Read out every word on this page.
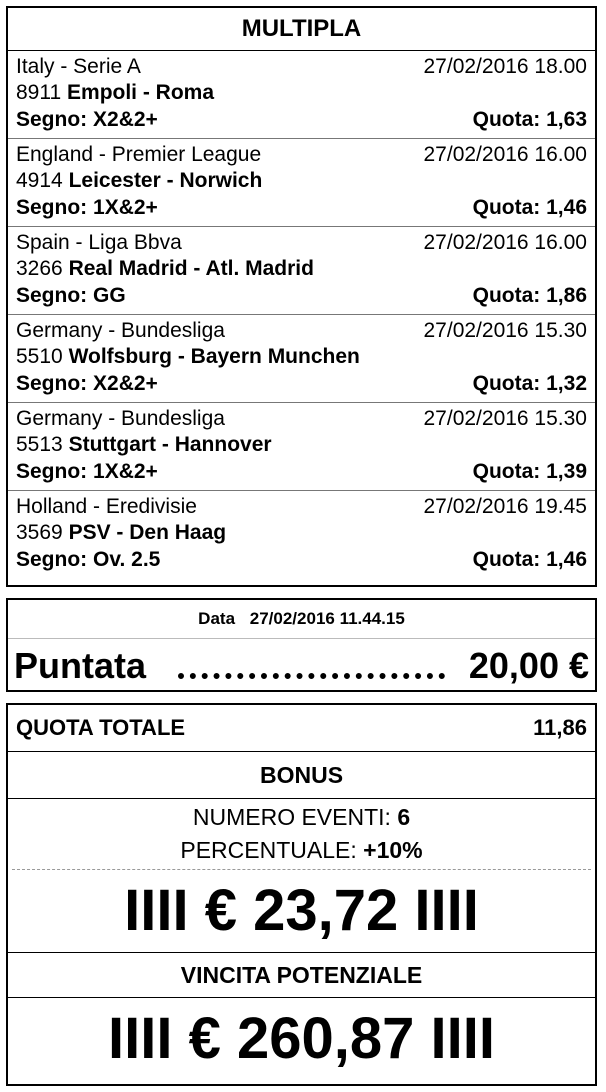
MULTIPLA
Italy - Serie A	27/02/2016 18.00
8911 Empoli - Roma
Segno: X2&2+	Quota: 1,63
England - Premier League	27/02/2016 16.00
4914 Leicester - Norwich
Segno: 1X&2+	Quota: 1,46
Spain - Liga Bbva	27/02/2016 16.00
3266 Real Madrid - Atl. Madrid
Segno: GG	Quota: 1,86
Germany - Bundesliga	27/02/2016 15.30
5510 Wolfsburg - Bayern Munchen
Segno: X2&2+	Quota: 1,32
Germany - Bundesliga	27/02/2016 15.30
5513 Stuttgart - Hannover
Segno: 1X&2+	Quota: 1,39
Holland - Eredivisie	27/02/2016 19.45
3569 PSV - Den Haag
Segno: Ov. 2.5	Quota: 1,46
Data 27/02/2016 11.44.15
Puntata	20,00 €
QUOTA TOTALE	11,86
BONUS
NUMERO EVENTI: 6
PERCENTUALE: +10%
IIII € 23,72 IIII
VINCITA POTENZIALE
IIII € 260,87 IIII
